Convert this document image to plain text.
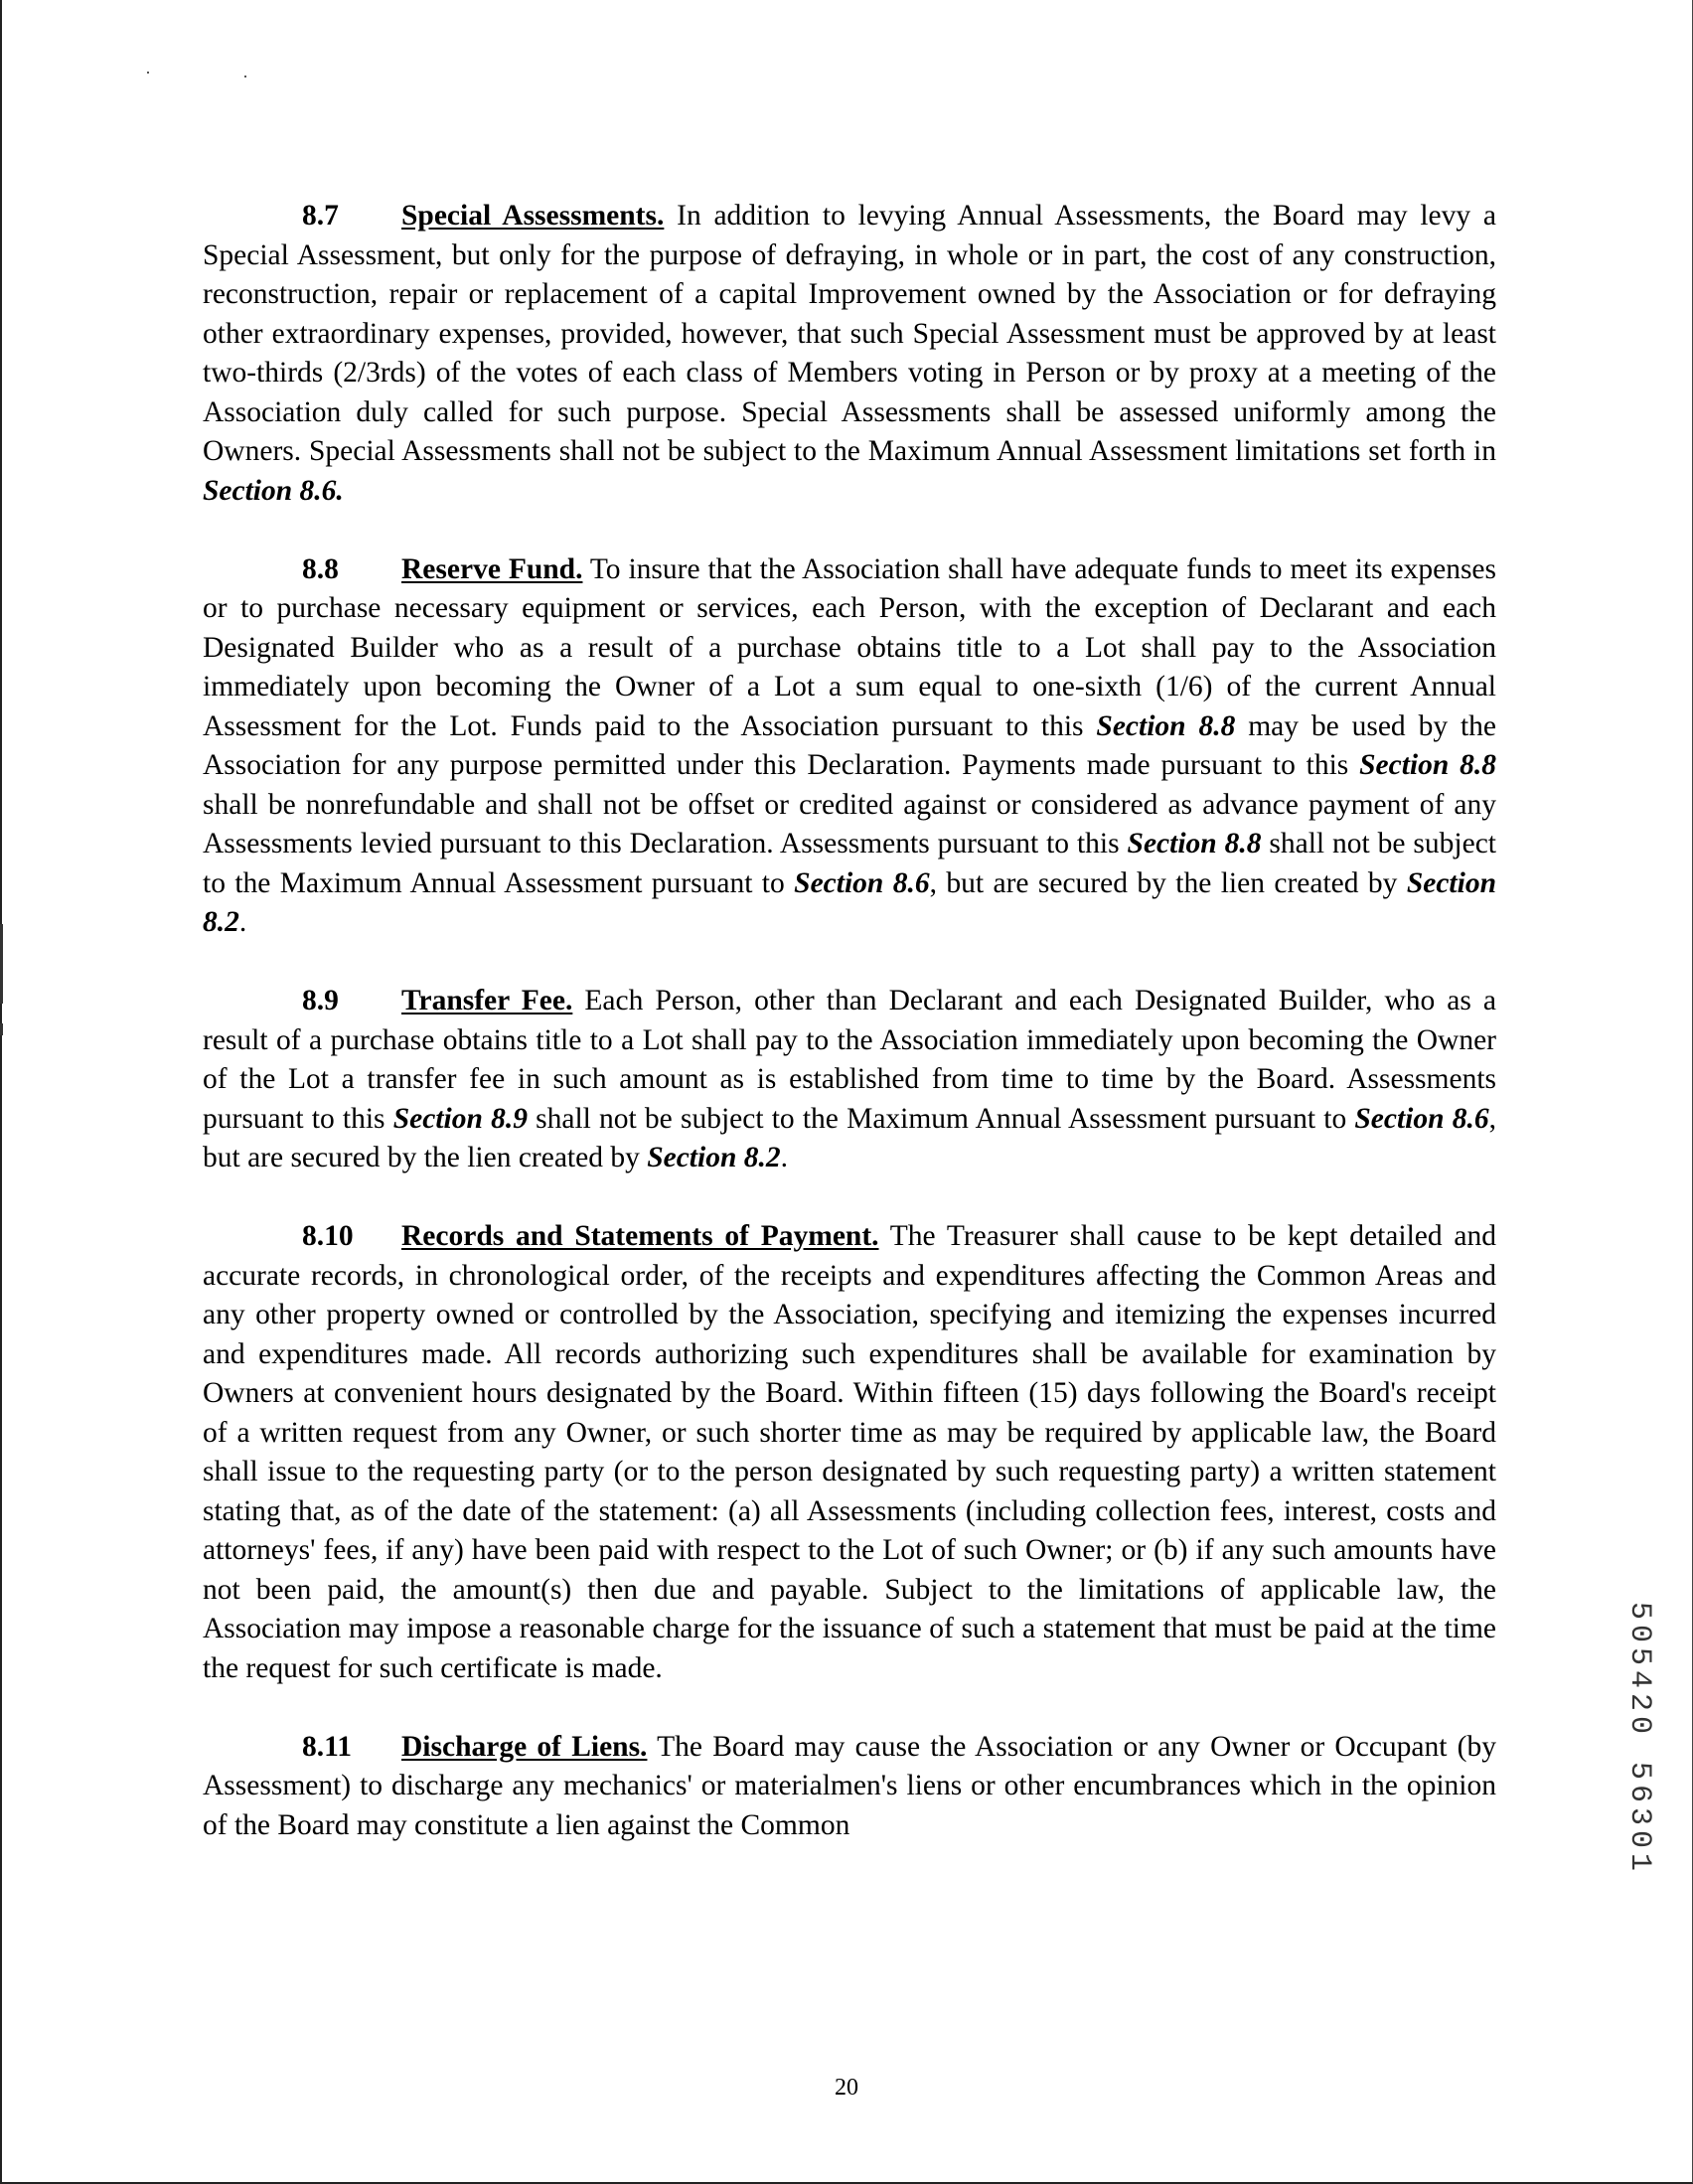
8.7 Special Assessments. In addition to levying Annual Assessments, the Board may levy a Special Assessment, but only for the purpose of defraying, in whole or in part, the cost of any construction, reconstruction, repair or replacement of a capital Improvement owned by the Association or for defraying other extraordinary expenses, provided, however, that such Special Assessment must be approved by at least two-thirds (2/3rds) of the votes of each class of Members voting in Person or by proxy at a meeting of the Association duly called for such purpose. Special Assessments shall be assessed uniformly among the Owners. Special Assessments shall not be subject to the Maximum Annual Assessment limitations set forth in Section 8.6.

8.8 Reserve Fund. To insure that the Association shall have adequate funds to meet its expenses or to purchase necessary equipment or services, each Person, with the exception of Declarant and each Designated Builder who as a result of a purchase obtains title to a Lot shall pay to the Association immediately upon becoming the Owner of a Lot a sum equal to one-sixth (1/6) of the current Annual Assessment for the Lot. Funds paid to the Association pursuant to this Section 8.8 may be used by the Association for any purpose permitted under this Declaration. Payments made pursuant to this Section 8.8 shall be nonrefundable and shall not be offset or credited against or considered as advance payment of any Assessments levied pursuant to this Declaration. Assessments pursuant to this Section 8.8 shall not be subject to the Maximum Annual Assessment pursuant to Section 8.6, but are secured by the lien created by Section 8.2.

8.9 Transfer Fee. Each Person, other than Declarant and each Designated Builder, who as a result of a purchase obtains title to a Lot shall pay to the Association immediately upon becoming the Owner of the Lot a transfer fee in such amount as is established from time to time by the Board. Assessments pursuant to this Section 8.9 shall not be subject to the Maximum Annual Assessment pursuant to Section 8.6, but are secured by the lien created by Section 8.2.

8.10 Records and Statements of Payment. The Treasurer shall cause to be kept detailed and accurate records, in chronological order, of the receipts and expenditures affecting the Common Areas and any other property owned or controlled by the Association, specifying and itemizing the expenses incurred and expenditures made. All records authorizing such expenditures shall be available for examination by Owners at convenient hours designated by the Board. Within fifteen (15) days following the Board's receipt of a written request from any Owner, or such shorter time as may be required by applicable law, the Board shall issue to the requesting party (or to the person designated by such requesting party) a written statement stating that, as of the date of the statement: (a) all Assessments (including collection fees, interest, costs and attorneys' fees, if any) have been paid with respect to the Lot of such Owner; or (b) if any such amounts have not been paid, the amount(s) then due and payable. Subject to the limitations of applicable law, the Association may impose a reasonable charge for the issuance of such a statement that must be paid at the time the request for such certificate is made.

8.11 Discharge of Liens. The Board may cause the Association or any Owner or Occupant (by Assessment) to discharge any mechanics' or materialmen's liens or other encumbrances which in the opinion of the Board may constitute a lien against the Common	505420 56301
20
